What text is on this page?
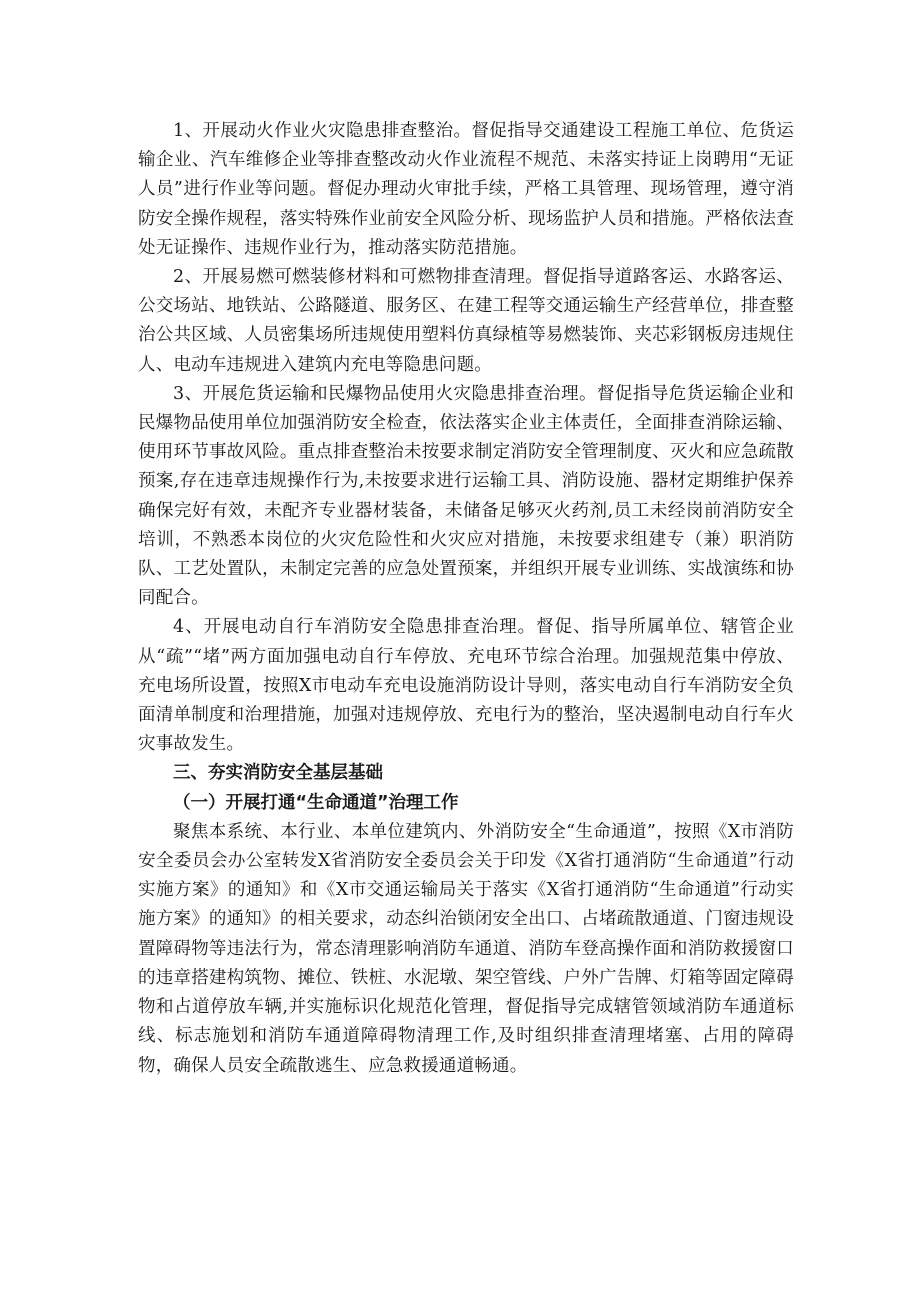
1、开展动火作业火灾隐患排查整治。督促指导交通建设工程施工单位、危货运输企业、汽车维修企业等排查整改动火作业流程不规范、未落实持证上岗聘用“无证人员”进行作业等问题。督促办理动火审批手续，严格工具管理、现场管理，遵守消防安全操作规程，落实特殊作业前安全风险分析、现场监护人员和措施。严格依法查处无证操作、违规作业行为，推动落实防范措施。

2、开展易燃可燃装修材料和可燃物排查清理。督促指导道路客运、水路客运、公交场站、地铁站、公路隧道、服务区、在建工程等交通运输生产经营单位，排查整治公共区域、人员密集场所违规使用塑料仿真绿植等易燃装饰、夹芯彩钢板房违规住人、电动车违规进入建筑内充电等隐患问题。

3、开展危货运输和民爆物品使用火灾隐患排查治理。督促指导危货运输企业和民爆物品使用单位加强消防安全检查，依法落实企业主体责任，全面排查消除运输、使用环节事故风险。重点排查整治未按要求制定消防安全管理制度、灭火和应急疏散预案,存在违章违规操作行为,未按要求进行运输工具、消防设施、器材定期维护保养确保完好有效，未配齐专业器材装备，未储备足够灭火药剂,员工未经岗前消防安全培训，不熟悉本岗位的火灾危险性和火灾应对措施，未按要求组建专（兼）职消防队、工艺处置队，未制定完善的应急处置预案，并组织开展专业训练、实战演练和协同配合。

4、开展电动自行车消防安全隐患排查治理。督促、指导所属单位、辖管企业从“疏”“堵”两方面加强电动自行车停放、充电环节综合治理。加强规范集中停放、充电场所设置，按照X市电动车充电设施消防设计导则，落实电动自行车消防安全负面清单制度和治理措施，加强对违规停放、充电行为的整治，坚决遏制电动自行车火灾事故发生。

三、夯实消防安全基层基础

（一）开展打通“生命通道”治理工作

聚焦本系统、本行业、本单位建筑内、外消防安全“生命通道”，按照《X市消防安全委员会办公室转发X省消防安全委员会关于印发《X省打通消防“生命通道”行动实施方案》的通知》和《X市交通运输局关于落实《X省打通消防“生命通道”行动实施方案》的通知》的相关要求，动态纠治锁闭安全出口、占堵疏散通道、门窗违规设置障碍物等违法行为，常态清理影响消防车通道、消防车登高操作面和消防救援窗口的违章搭建构筑物、摊位、铁桩、水泥墩、架空管线、户外广告牌、灯箱等固定障碍物和占道停放车辆,并实施标识化规范化管理，督促指导完成辖管领域消防车通道标线、标志施划和消防车通道障碍物清理工作,及时组织排查清理堵塞、占用的障碍物，确保人员安全疏散逃生、应急救援通道畅通。
